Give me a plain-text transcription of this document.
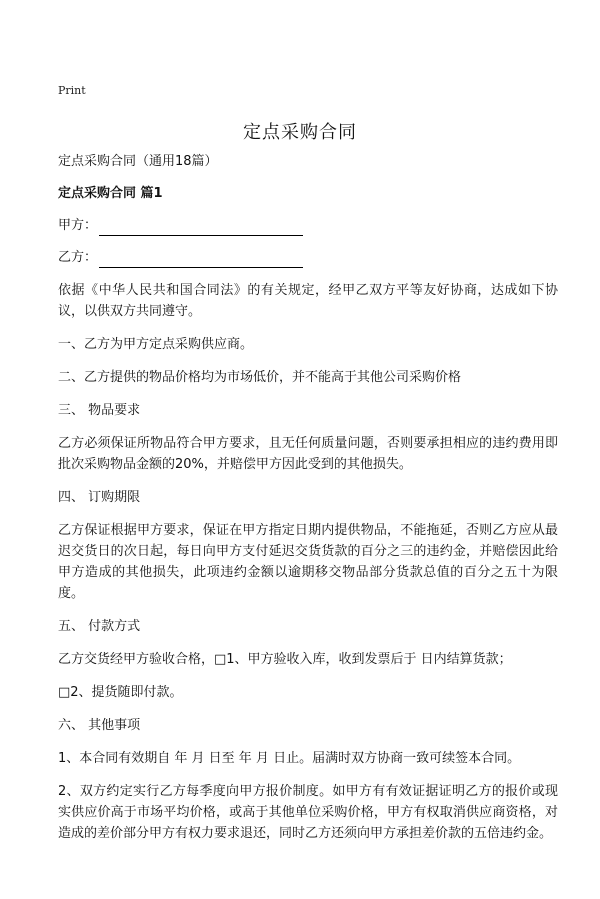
Print
定点采购合同

定点采购合同（通用18篇）

定点采购合同 篇1

甲方：
乙方：

依据《中华人民共和国合同法》的有关规定，经甲乙双方平等友好协商，达成如下协议，以供双方共同遵守。

一、乙方为甲方定点采购供应商。

二、乙方提供的物品价格均为市场低价，并不能高于其他公司采购价格

三、 物品要求

乙方必须保证所物品符合甲方要求，且无任何质量问题，否则要承担相应的违约费用即批次采购物品金额的20%，并赔偿甲方因此受到的其他损失。

四、 订购期限

乙方保证根据甲方要求，保证在甲方指定日期内提供物品，不能拖延，否则乙方应从最迟交货日的次日起，每日向甲方支付延迟交货货款的百分之三的违约金，并赔偿因此给甲方造成的其他损失，此项违约金额以逾期移交物品部分货款总值的百分之五十为限度。

五、 付款方式

乙方交货经甲方验收合格，□1、甲方验收入库，收到发票后于 日内结算货款；

□2、提货随即付款。

六、 其他事项

1、本合同有效期自 年 月 日至 年 月 日止。届满时双方协商一致可续签本合同。

2、双方约定实行乙方每季度向甲方报价制度。如甲方有有效证据证明乙方的报价或现实供应价高于市场平均价格，或高于其他单位采购价格，甲方有权取消供应商资格，对造成的差价部分甲方有权力要求退还，同时乙方还须向甲方承担差价款的五倍违约金。
